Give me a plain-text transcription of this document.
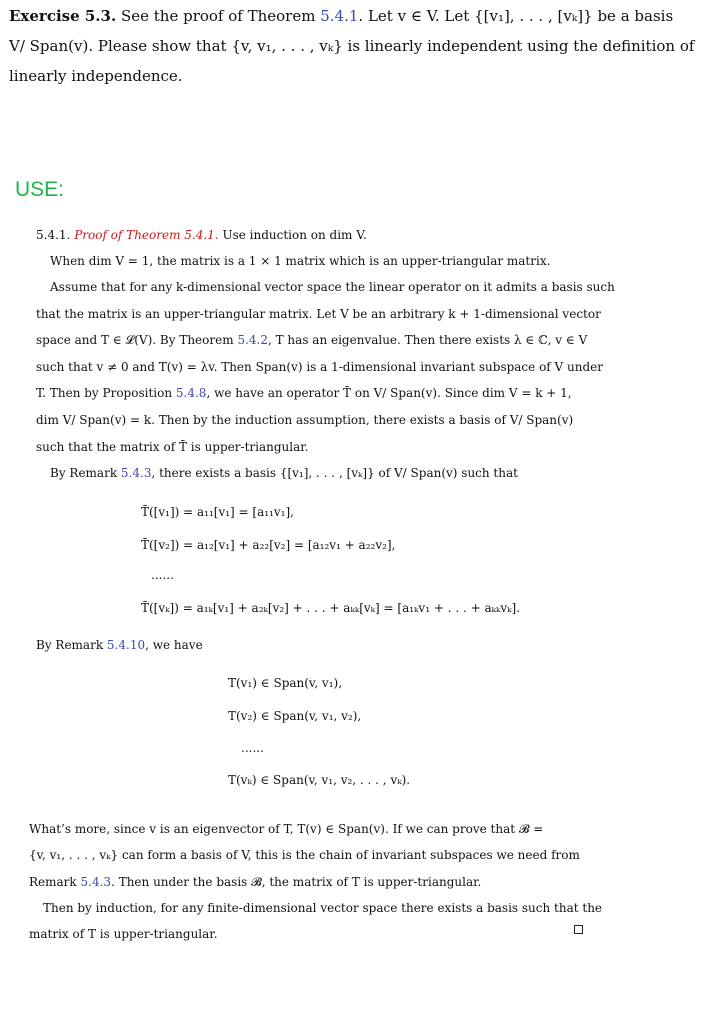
Exercise 5.3. See the proof of Theorem 5.4.1. Let v ∈ V. Let {[v₁], . . . , [vₖ]} be a basis
V/ Span(v). Please show that {v, v₁, . . . , vₖ} is linearly independent using the definition of
linearly independence.
USE:
5.4.1. Proof of Theorem 5.4.1. Use induction on dim V.
When dim V = 1, the matrix is a 1 × 1 matrix which is an upper-triangular matrix.
Assume that for any k-dimensional vector space the linear operator on it admits a basis such
that the matrix is an upper-triangular matrix. Let V be an arbitrary k + 1-dimensional vector
space and T ∈ 𝓛(V). By Theorem 5.4.2, T has an eigenvalue. Then there exists λ ∈ ℂ, v ∈ V
such that v ≠ 0 and T(v) = λv. Then Span(v) is a 1-dimensional invariant subspace of V under
T. Then by Proposition 5.4.8, we have an operator T̄ on V/ Span(v). Since dim V = k + 1,
dim V/ Span(v) = k. Then by the induction assumption, there exists a basis of V/ Span(v)
such that the matrix of T̄ is upper-triangular.
By Remark 5.4.3, there exists a basis {[v₁], . . . , [vₖ]} of V/ Span(v) such that
T̄([v₁]) = a₁₁[v₁] = [a₁₁v₁],
T̄([v₂]) = a₁₂[v₁] + a₂₂[v₂] = [a₁₂v₁ + a₂₂v₂],
......
T̄([vₖ]) = a₁ₖ[v₁] + a₂ₖ[v₂] + . . . + aₖₖ[vₖ] = [a₁ₖv₁ + . . . + aₖₖvₖ].
By Remark 5.4.10, we have
T(v₁) ∈ Span(v, v₁),
T(v₂) ∈ Span(v, v₁, v₂),
......
T(vₖ) ∈ Span(v, v₁, v₂, . . . , vₖ).
What’s more, since v is an eigenvector of T, T(v) ∈ Span(v). If we can prove that 𝓑 =
{v, v₁, . . . , vₖ} can form a basis of V, this is the chain of invariant subspaces we need from
Remark 5.4.3. Then under the basis 𝓑, the matrix of T is upper-triangular.
Then by induction, for any finite-dimensional vector space there exists a basis such that the
matrix of T is upper-triangular.
